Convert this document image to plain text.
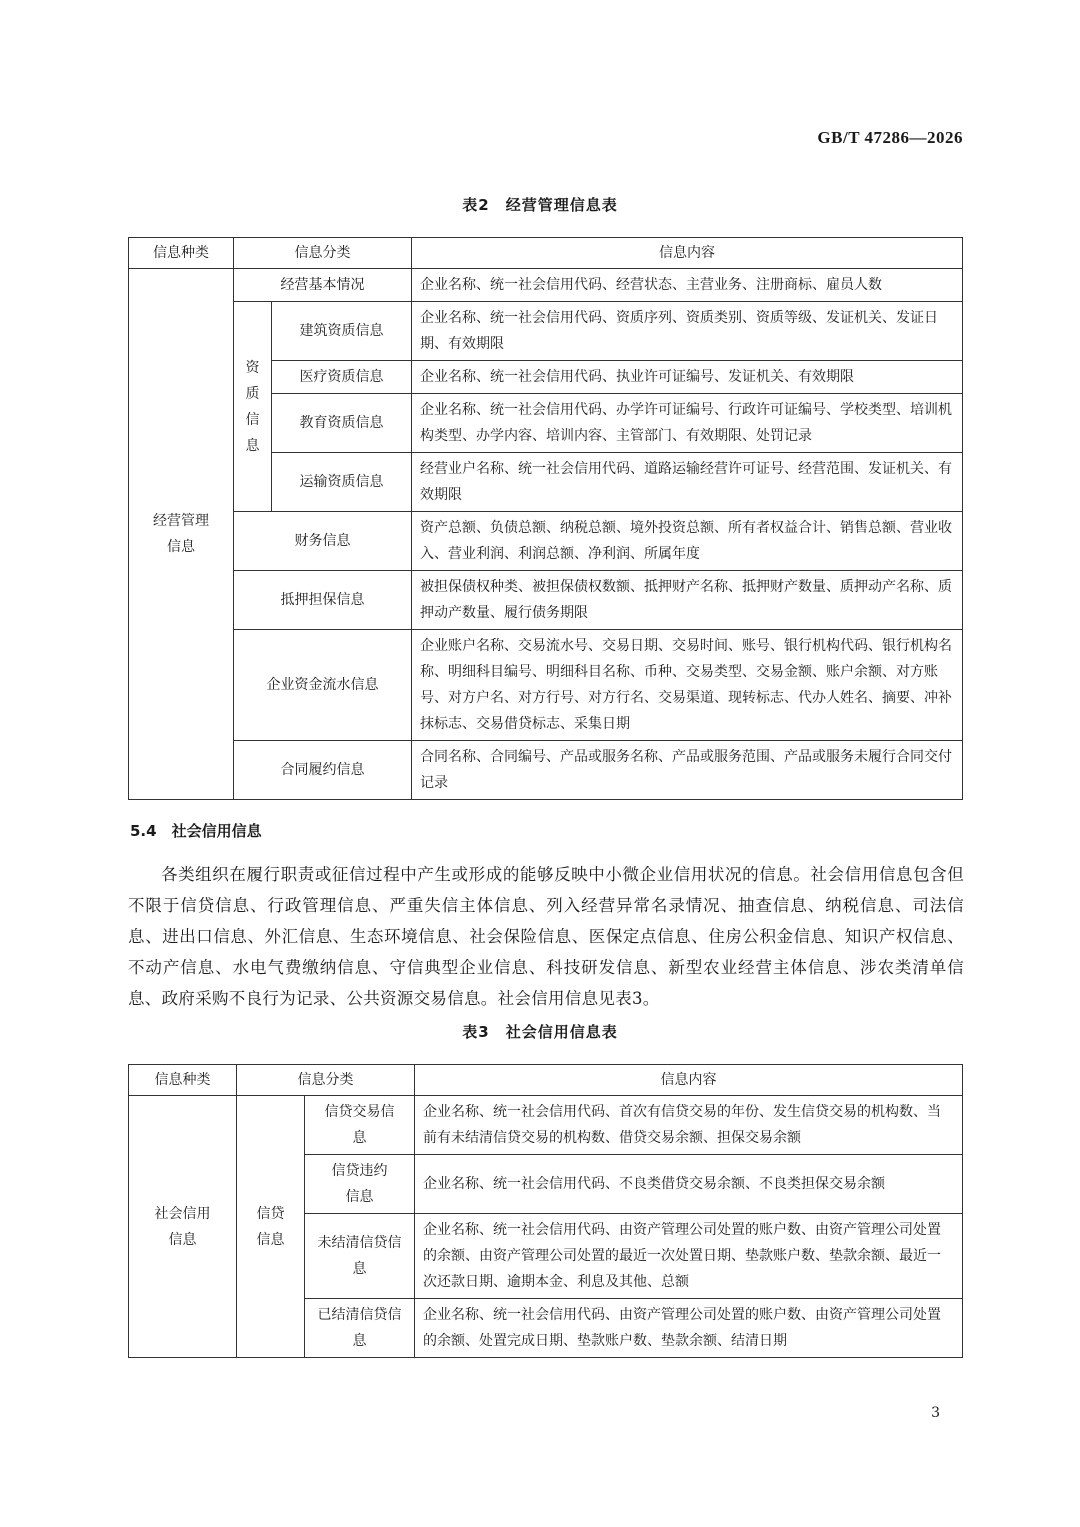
GB/T 47286—2026
表2　经营管理信息表
信息种类	信息分类		信息内容

经营管理信息	经营基本情况		企业名称、统一社会信用代码、经营状态、主营业务、注册商标、雇员人数

	资质信息	建筑资质信息	企业名称、统一社会信用代码、资质序列、资质类别、资质等级、发证机关、发证日期、有效期限
		医疗资质信息	企业名称、统一社会信用代码、执业许可证编号、发证机关、有效期限
		教育资质信息	企业名称、统一社会信用代码、办学许可证编号、行政许可证编号、学校类型、培训机构类型、办学内容、培训内容、主管部门、有效期限、处罚记录
		运输资质信息	经营业户名称、统一社会信用代码、道路运输经营许可证号、经营范围、发证机关、有效期限
	财务信息		资产总额、负债总额、纳税总额、境外投资总额、所有者权益合计、销售总额、营业收入、营业利润、利润总额、净利润、所属年度
	抵押担保信息		被担保债权种类、被担保债权数额、抵押财产名称、抵押财产数量、质押动产名称、质押动产数量、履行债务期限
	企业资金流水信息		企业账户名称、交易流水号、交易日期、交易时间、账号、银行机构代码、银行机构名称、明细科目编号、明细科目名称、币种、交易类型、交易金额、账户余额、对方账号、对方户名、对方行号、对方行名、交易渠道、现转标志、代办人姓名、摘要、冲补抹标志、交易借贷标志、采集日期
	合同履约信息		合同名称、合同编号、产品或服务名称、产品或服务范围、产品或服务未履行合同交付记录
5.4　社会信用信息
各类组织在履行职责或征信过程中产生或形成的能够反映中小微企业信用状况的信息。社会信用信息包含但不限于信贷信息、行政管理信息、严重失信主体信息、列入经营异常名录情况、抽查信息、纳税信息、司法信息、进出口信息、外汇信息、生态环境信息、社会保险信息、医保定点信息、住房公积金信息、知识产权信息、不动产信息、水电气费缴纳信息、守信典型企业信息、科技研发信息、新型农业经营主体信息、涉农类清单信息、政府采购不良行为记录、公共资源交易信息。社会信用信息见表3。
表3　社会信用信息表
信息种类	信息分类		信息内容

社会信用信息	信贷信息	信贷交易信息	企业名称、统一社会信用代码、首次有信贷交易的年份、发生信贷交易的机构数、当前有未结清信贷交易的机构数、借贷交易余额、担保交易余额

		信贷违约信息	企业名称、统一社会信用代码、不良类借贷交易余额、不良类担保交易余额

		未结清信贷信息	企业名称、统一社会信用代码、由资产管理公司处置的账户数、由资产管理公司处置的余额、由资产管理公司处置的最近一次处置日期、垫款账户数、垫款余额、最近一次还款日期、逾期本金、利息及其他、总额

		已结清信贷信息	企业名称、统一社会信用代码、由资产管理公司处置的账户数、由资产管理公司处置的余额、处置完成日期、垫款账户数、垫款余额、结清日期
3
